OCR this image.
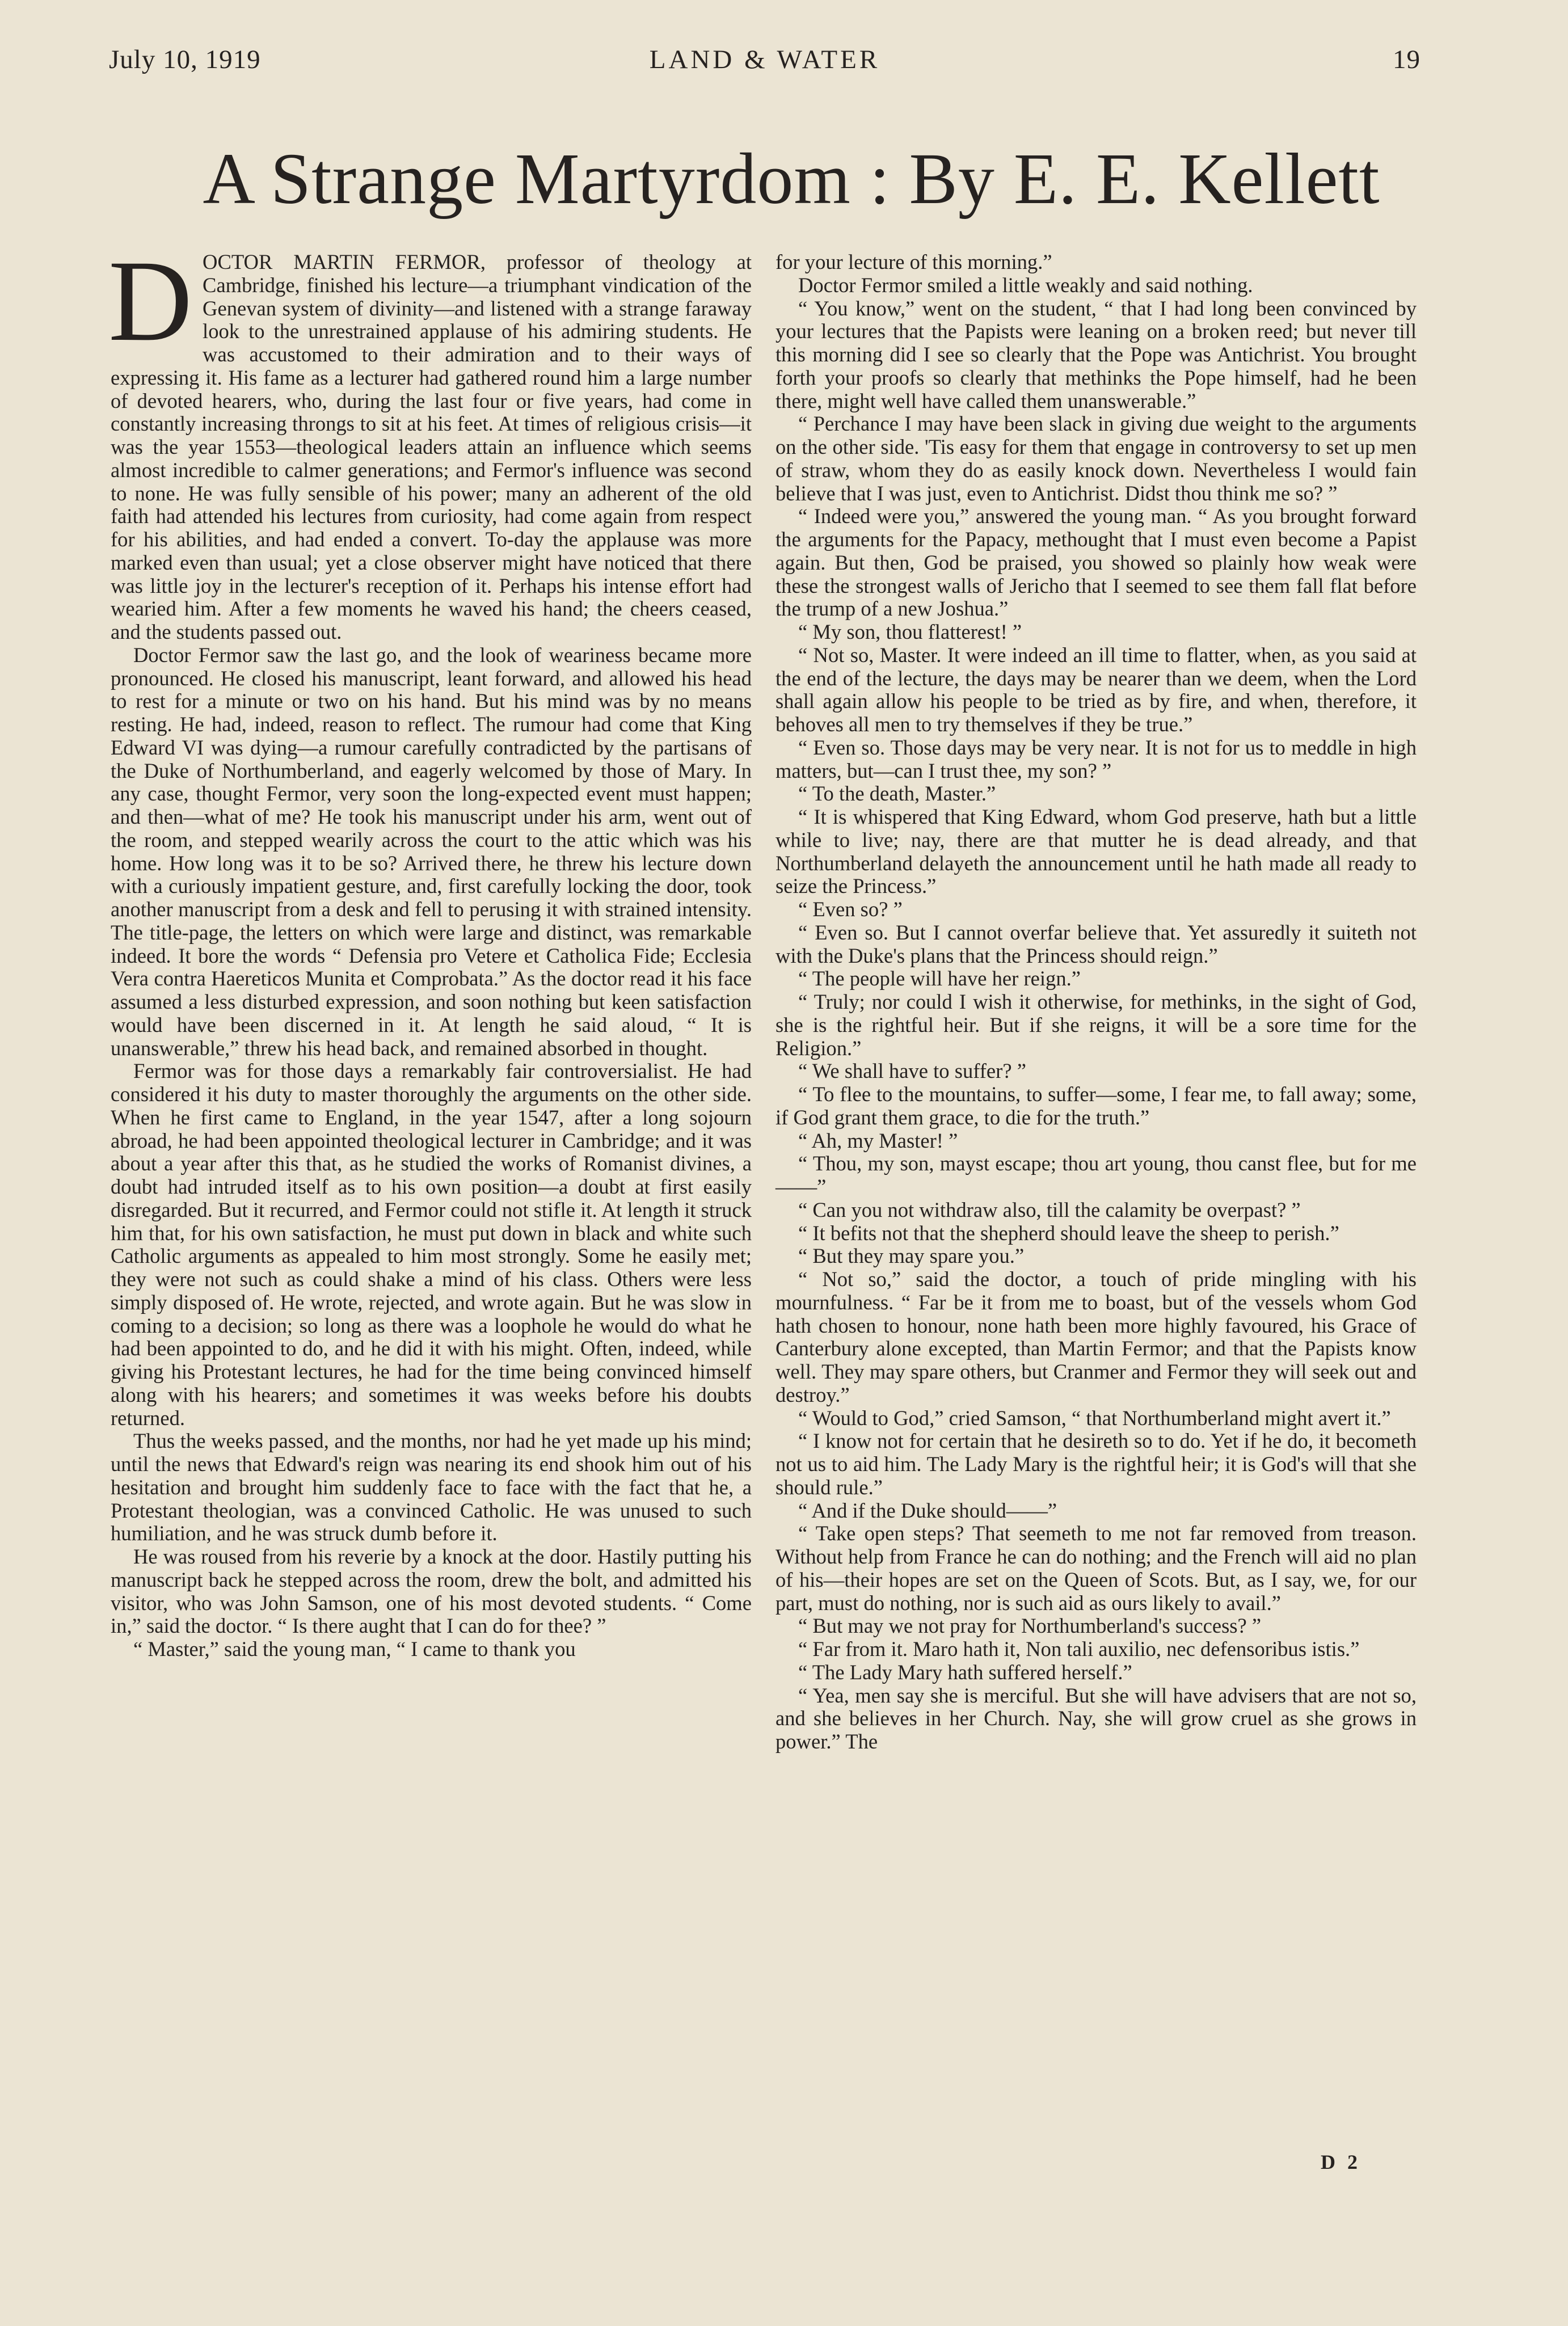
July 10, 1919	LAND & WATER	19
A Strange Martyrdom : By E. E. Kellett

DOCTOR MARTIN FERMOR, professor of theology at Cambridge, finished his lecture—a triumphant vindication of the Genevan system of divinity—and listened with a strange faraway look to the unrestrained applause of his admiring students. He was accustomed to their admiration and to their ways of expressing it. His fame as a lecturer had gathered round him a large number of devoted hearers, who, during the last four or five years, had come in constantly increasing throngs to sit at his feet. At times of religious crisis—it was the year 1553—theological leaders attain an influence which seems almost incredible to calmer generations; and Fermor's influence was second to none. He was fully sensible of his power; many an adherent of the old faith had attended his lectures from curiosity, had come again from respect for his abilities, and had ended a convert. To-day the applause was more marked even than usual; yet a close observer might have noticed that there was little joy in the lecturer's reception of it. Perhaps his intense effort had wearied him. After a few moments he waved his hand; the cheers ceased, and the students passed out.

Doctor Fermor saw the last go, and the look of weariness became more pronounced. He closed his manuscript, leant forward, and allowed his head to rest for a minute or two on his hand. But his mind was by no means resting. He had, indeed, reason to reflect. The rumour had come that King Edward VI was dying—a rumour carefully contradicted by the partisans of the Duke of Northumberland, and eagerly welcomed by those of Mary. In any case, thought Fermor, very soon the long-expected event must happen; and then—what of me? He took his manuscript under his arm, went out of the room, and stepped wearily across the court to the attic which was his home. How long was it to be so? Arrived there, he threw his lecture down with a curiously impatient gesture, and, first carefully locking the door, took another manuscript from a desk and fell to perusing it with strained intensity. The title-page, the letters on which were large and distinct, was remarkable indeed. It bore the words “ Defensia pro Vetere et Catholica Fide; Ecclesia Vera contra Haereticos Munita et Comprobata.” As the doctor read it his face assumed a less disturbed expression, and soon nothing but keen satisfaction would have been discerned in it. At length he said aloud, “ It is unanswerable,” threw his head back, and remained absorbed in thought.

Fermor was for those days a remarkably fair controversialist. He had considered it his duty to master thoroughly the arguments on the other side. When he first came to England, in the year 1547, after a long sojourn abroad, he had been appointed theological lecturer in Cambridge; and it was about a year after this that, as he studied the works of Romanist divines, a doubt had intruded itself as to his own position—a doubt at first easily disregarded. But it recurred, and Fermor could not stifle it. At length it struck him that, for his own satisfaction, he must put down in black and white such Catholic arguments as appealed to him most strongly. Some he easily met; they were not such as could shake a mind of his class. Others were less simply disposed of. He wrote, rejected, and wrote again. But he was slow in coming to a decision; so long as there was a loophole he would do what he had been appointed to do, and he did it with his might. Often, indeed, while giving his Protestant lectures, he had for the time being convinced himself along with his hearers; and sometimes it was weeks before his doubts returned.

Thus the weeks passed, and the months, nor had he yet made up his mind; until the news that Edward's reign was nearing its end shook him out of his hesitation and brought him suddenly face to face with the fact that he, a Protestant theologian, was a convinced Catholic. He was unused to such humiliation, and he was struck dumb before it.

He was roused from his reverie by a knock at the door. Hastily putting his manuscript back he stepped across the room, drew the bolt, and admitted his visitor, who was John Samson, one of his most devoted students. “ Come in,” said the doctor. “ Is there aught that I can do for thee? ”

“ Master,” said the young man, “ I came to thank you

for your lecture of this morning.”

Doctor Fermor smiled a little weakly and said nothing.

“ You know,” went on the student, “ that I had long been convinced by your lectures that the Papists were leaning on a broken reed; but never till this morning did I see so clearly that the Pope was Antichrist. You brought forth your proofs so clearly that methinks the Pope himself, had he been there, might well have called them unanswerable.”

“ Perchance I may have been slack in giving due weight to the arguments on the other side. 'Tis easy for them that engage in controversy to set up men of straw, whom they do as easily knock down. Nevertheless I would fain believe that I was just, even to Antichrist. Didst thou think me so? ”

“ Indeed were you,” answered the young man. “ As you brought forward the arguments for the Papacy, methought that I must even become a Papist again. But then, God be praised, you showed so plainly how weak were these the strongest walls of Jericho that I seemed to see them fall flat before the trump of a new Joshua.”

“ My son, thou flatterest! ”

“ Not so, Master. It were indeed an ill time to flatter, when, as you said at the end of the lecture, the days may be nearer than we deem, when the Lord shall again allow his people to be tried as by fire, and when, therefore, it behoves all men to try themselves if they be true.”

“ Even so. Those days may be very near. It is not for us to meddle in high matters, but—can I trust thee, my son? ”

“ To the death, Master.”

“ It is whispered that King Edward, whom God preserve, hath but a little while to live; nay, there are that mutter he is dead already, and that Northumberland delayeth the announcement until he hath made all ready to seize the Princess.”

“ Even so? ”

“ Even so. But I cannot overfar believe that. Yet assuredly it suiteth not with the Duke's plans that the Princess should reign.”

“ The people will have her reign.”

“ Truly; nor could I wish it otherwise, for methinks, in the sight of God, she is the rightful heir. But if she reigns, it will be a sore time for the Religion.”

“ We shall have to suffer? ”

“ To flee to the mountains, to suffer—some, I fear me, to fall away; some, if God grant them grace, to die for the truth.”

“ Ah, my Master! ”

“ Thou, my son, mayst escape; thou art young, thou canst flee, but for me——”

“ Can you not withdraw also, till the calamity be overpast? ”

“ It befits not that the shepherd should leave the sheep to perish.”

“ But they may spare you.”

“ Not so,” said the doctor, a touch of pride mingling with his mournfulness. “ Far be it from me to boast, but of the vessels whom God hath chosen to honour, none hath been more highly favoured, his Grace of Canterbury alone excepted, than Martin Fermor; and that the Papists know well. They may spare others, but Cranmer and Fermor they will seek out and destroy.”

“ Would to God,” cried Samson, “ that Northumberland might avert it.”

“ I know not for certain that he desireth so to do. Yet if he do, it becometh not us to aid him. The Lady Mary is the rightful heir; it is God's will that she should rule.”

“ And if the Duke should——”

“ Take open steps? That seemeth to me not far removed from treason. Without help from France he can do nothing; and the French will aid no plan of his—their hopes are set on the Queen of Scots. But, as I say, we, for our part, must do nothing, nor is such aid as ours likely to avail.”

“ But may we not pray for Northumberland's success? ”

“ Far from it. Maro hath it, Non tali auxilio, nec defensoribus istis.”

“ The Lady Mary hath suffered herself.”

“ Yea, men say she is merciful. But she will have advisers that are not so, and she believes in her Church. Nay, she will grow cruel as she grows in power.” The

D 2
